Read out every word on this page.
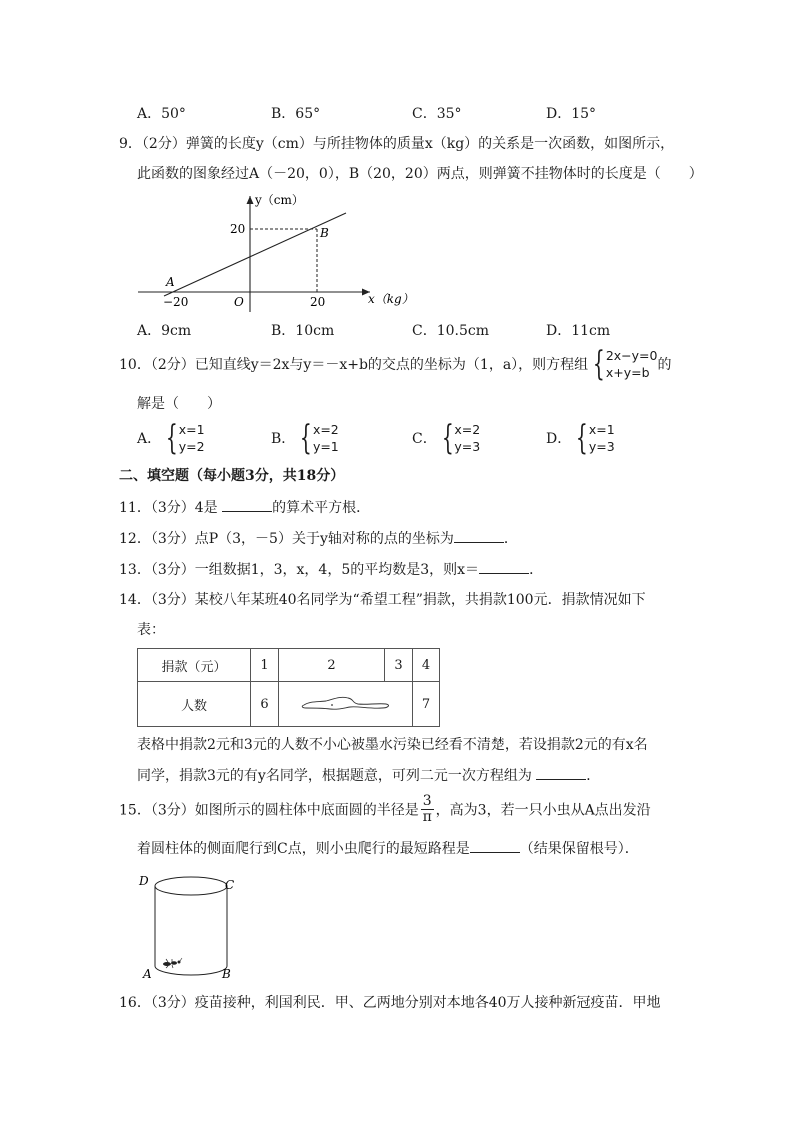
A．50°	B．65°	C．35°	D．15°
9．（2分）弹簧的长度y（cm）与所挂物体的质量x（kg）的关系是一次函数，如图所示，
此函数的图象经过A（－20，0），B（20，20）两点，则弹簧不挂物体时的长度是（　　）
y（cm）
x（kg）
20
−20	20
O
A
B
A．9cm	B．10cm	C．10.5cm	D．11cm
10．（2分）已知直线y＝2x与y＝－x+b的交点的坐标为（1，a），则方程组 { 2x−y=0
x+y=b 的
解是（　　）
A． { x=1
y=2	B． { x=2
y=1	C． { x=2
y=3	D． { x=1
y=3
二、填空题（每小题3分，共18分）
11．（3分）4是	的算术平方根．
12．（3分）点P（3，－5）关于y轴对称的点的坐标为	．
13．（3分）一组数据1，3，x，4，5的平均数是3，则x＝	．
14．（3分）某校八年某班40名同学为“希望工程”捐款，共捐款100元．捐款情况如下
表：
捐款（元）	1	2	3	4
人数	6			7
表格中捐款2元和3元的人数不小心被墨水污染已经看不清楚，若设捐款2元的有x名
同学，捐款3元的有y名同学，根据题意，可列二元一次方程组为	．
15．（3分）如图所示的圆柱体中底面圆的半径是 $\frac{3}{\pi}$ ，高为3，若一只小虫从A点出发沿
着圆柱体的侧面爬行到C点，则小虫爬行的最短路程是	（结果保留根号）．
D	C
A	B
16．（3分）疫苗接种，利国利民．甲、乙两地分别对本地各40万人接种新冠疫苗．甲地
